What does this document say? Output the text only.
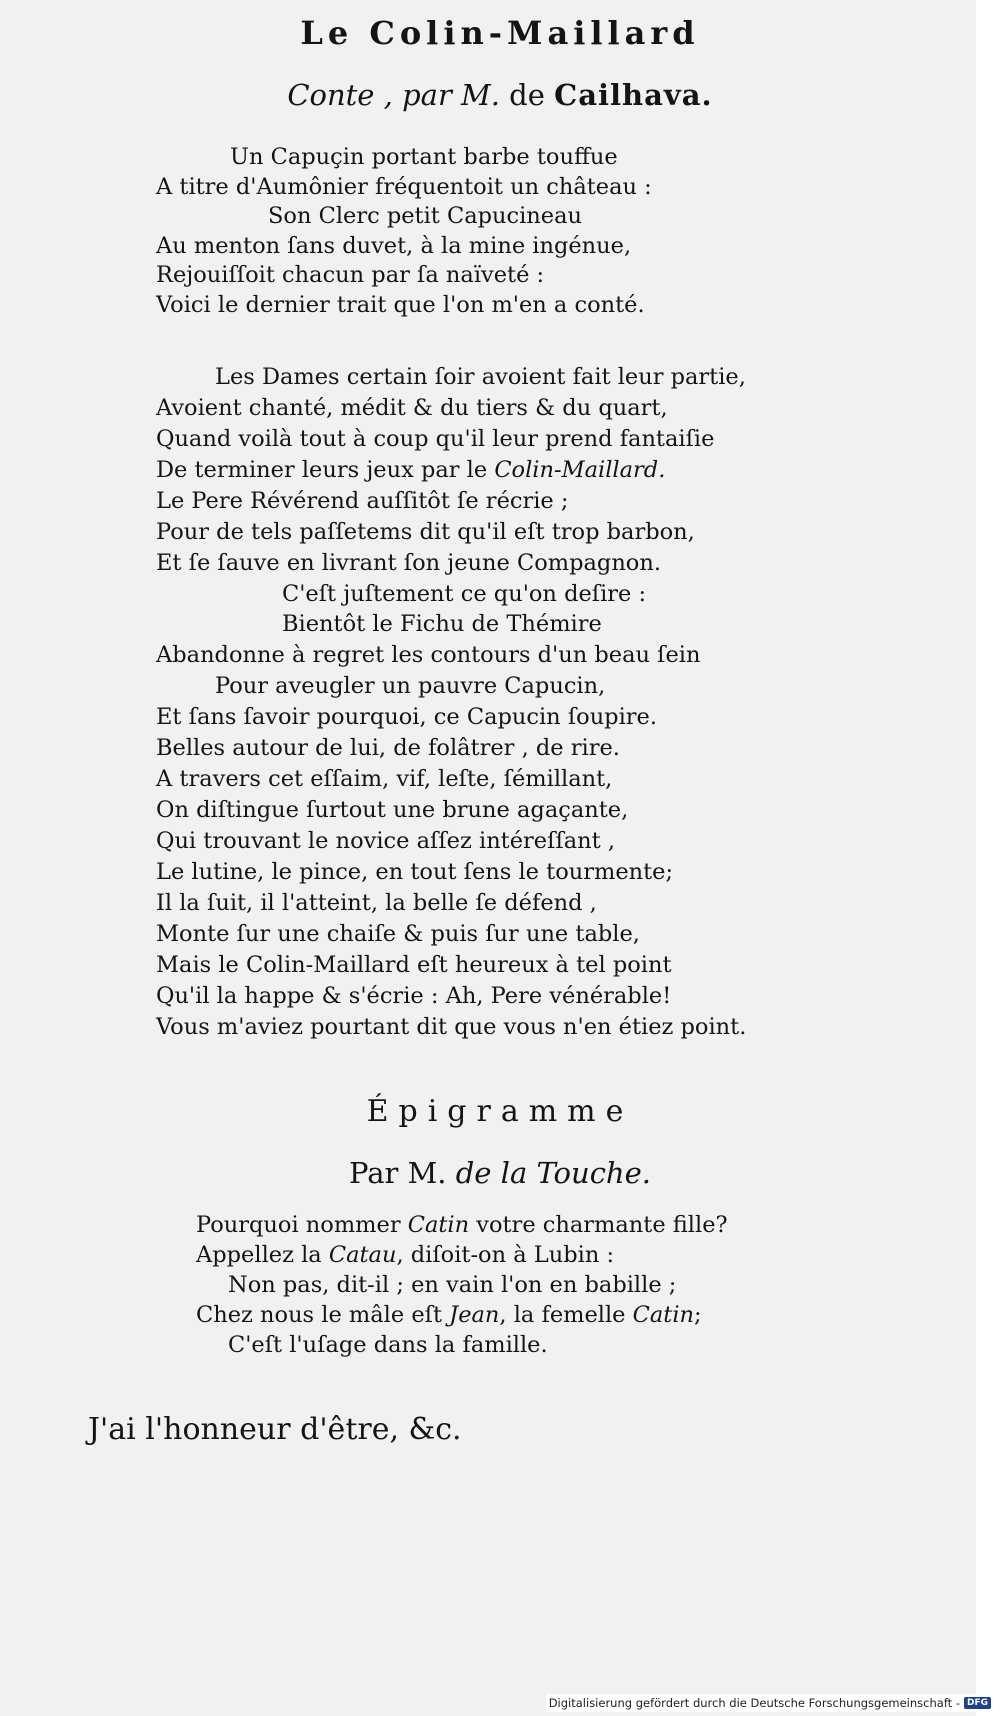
Le Colin-Maillard

Conte , par M. de Cailhava.

Un Capuçin portant barbe touffue

A titre d'Aumônier fréquentoit un château :

Son Clerc petit Capucineau

Au menton ſans duvet, à la mine ingénue,

Rejouiſſoit chacun par ſa naïveté :

Voici le dernier trait que l'on m'en a conté.

Les Dames certain ſoir avoient fait leur partie,

Avoient chanté, médit & du tiers & du quart,

Quand voilà tout à coup qu'il leur prend fantaiſie

De terminer leurs jeux par le Colin-Maillard.

Le Pere Révérend auſſitôt ſe récrie ;

Pour de tels paſſetems dit qu'il eſt trop barbon,

Et ſe ſauve en livrant ſon jeune Compagnon.

C'eſt juſtement ce qu'on deſire :

Bientôt le Fichu de Thémire

Abandonne à regret les contours d'un beau ſein

Pour aveugler un pauvre Capucin,

Et ſans ſavoir pourquoi, ce Capucin ſoupire.

Belles autour de lui, de folâtrer , de rire.

A travers cet eſſaim, vif, leſte, ſémillant,

On diſtingue ſurtout une brune agaçante,

Qui trouvant le novice aſſez intéreſſant ,

Le lutine, le pince, en tout ſens le tourmente;

Il la ſuit, il l'atteint, la belle ſe défend ,

Monte ſur une chaiſe & puis ſur une table,

Mais le Colin-Maillard eſt heureux à tel point

Qu'il la happe & s'écrie : Ah, Pere vénérable!

Vous m'aviez pourtant dit que vous n'en étiez point.

Épigramme

Par M. de la Touche.

Pourquoi nommer Catin votre charmante fille?

Appellez la Catau, diſoit-on à Lubin :

Non pas, dit-il ; en vain l'on en babille ;

Chez nous le mâle eſt Jean, la femelle Catin;

C'eſt l'uſage dans la famille.

J'ai l'honneur d'être, &c.

Digitalisierung gefördert durch die Deutsche Forschungsgemeinschaft - DFG
